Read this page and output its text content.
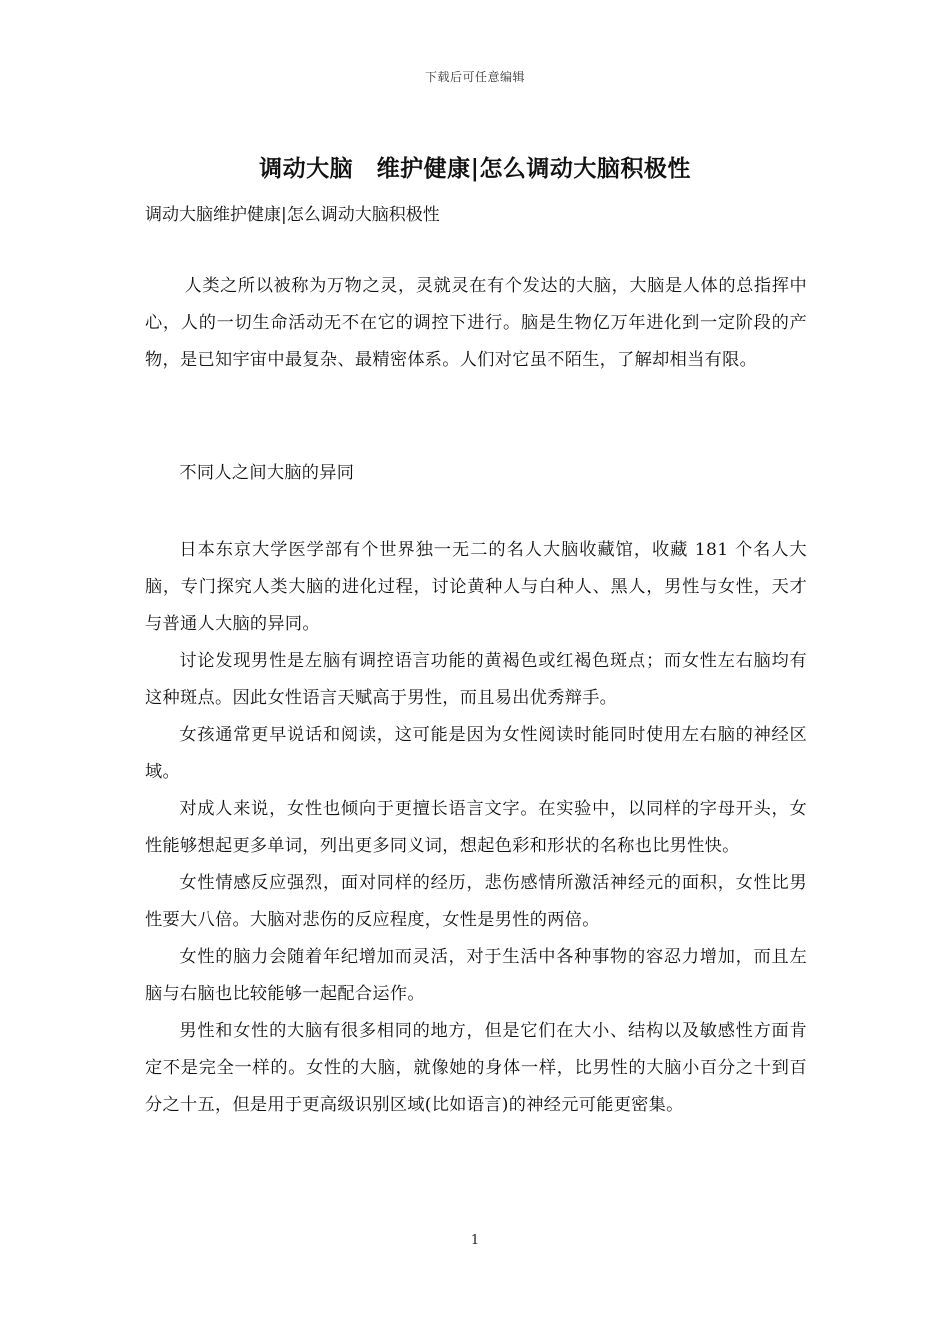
下载后可任意编辑
调动大脑　维护健康|怎么调动大脑积极性
调动大脑维护健康|怎么调动大脑积极性

人类之所以被称为万物之灵，灵就灵在有个发达的大脑，大脑是人体的总指挥中心，人的一切生命活动无不在它的调控下进行。脑是生物亿万年进化到一定阶段的产物，是已知宇宙中最复杂、最精密体系。人们对它虽不陌生，了解却相当有限。

不同人之间大脑的异同

日本东京大学医学部有个世界独一无二的名人大脑收藏馆，收藏 181 个名人大脑，专门探究人类大脑的进化过程，讨论黄种人与白种人、黑人，男性与女性，天才与普通人大脑的异同。

讨论发现男性是左脑有调控语言功能的黄褐色或红褐色斑点；而女性左右脑均有这种斑点。因此女性语言天赋高于男性，而且易出优秀辩手。

女孩通常更早说话和阅读，这可能是因为女性阅读时能同时使用左右脑的神经区域。

对成人来说，女性也倾向于更擅长语言文字。在实验中，以同样的字母开头，女性能够想起更多单词，列出更多同义词，想起色彩和形状的名称也比男性快。

女性情感反应强烈，面对同样的经历，悲伤感情所激活神经元的面积，女性比男性要大八倍。大脑对悲伤的反应程度，女性是男性的两倍。

女性的脑力会随着年纪增加而灵活，对于生活中各种事物的容忍力增加，而且左脑与右脑也比较能够一起配合运作。

男性和女性的大脑有很多相同的地方，但是它们在大小、结构以及敏感性方面肯定不是完全一样的。女性的大脑，就像她的身体一样，比男性的大脑小百分之十到百分之十五，但是用于更高级识别区域(比如语言)的神经元可能更密集。

1
